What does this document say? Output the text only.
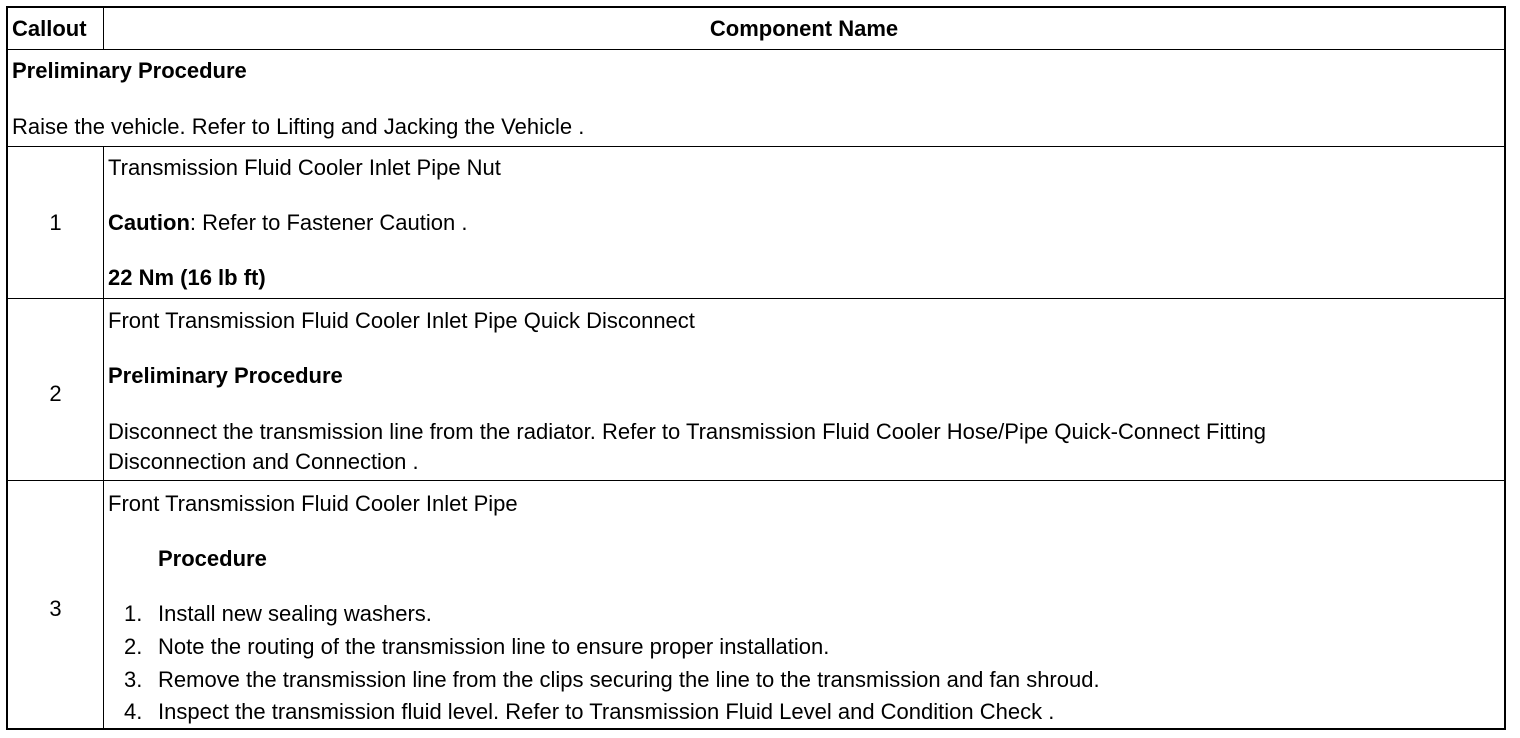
Callout	Component Name
Preliminary Procedure
Raise the vehicle. Refer to Lifting and Jacking the Vehicle .
1
Transmission Fluid Cooler Inlet Pipe Nut
Caution: Refer to Fastener Caution .
22 Nm (16 lb ft)
2
Front Transmission Fluid Cooler Inlet Pipe Quick Disconnect
Preliminary Procedure
Disconnect the transmission line from the radiator. Refer to Transmission Fluid Cooler Hose/Pipe Quick-Connect Fitting
Disconnection and Connection .
3
Front Transmission Fluid Cooler Inlet Pipe
Procedure
1. Install new sealing washers.
2. Note the routing of the transmission line to ensure proper installation.
3. Remove the transmission line from the clips securing the line to the transmission and fan shroud.
4. Inspect the transmission fluid level. Refer to Transmission Fluid Level and Condition Check .
